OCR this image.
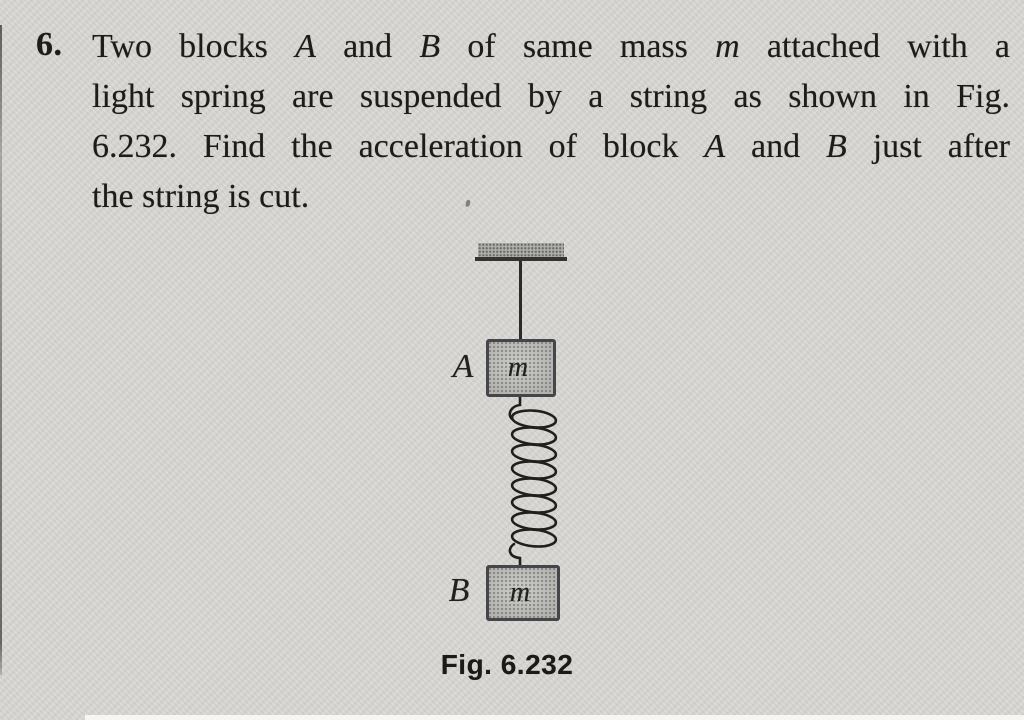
6. Two blocks A and B of same mass m attached with a
light spring are suspended by a string as shown in Fig.
6.232. Find the acceleration of block A and B just after
the string is cut.
m
A
m
B
Fig. 6.232
